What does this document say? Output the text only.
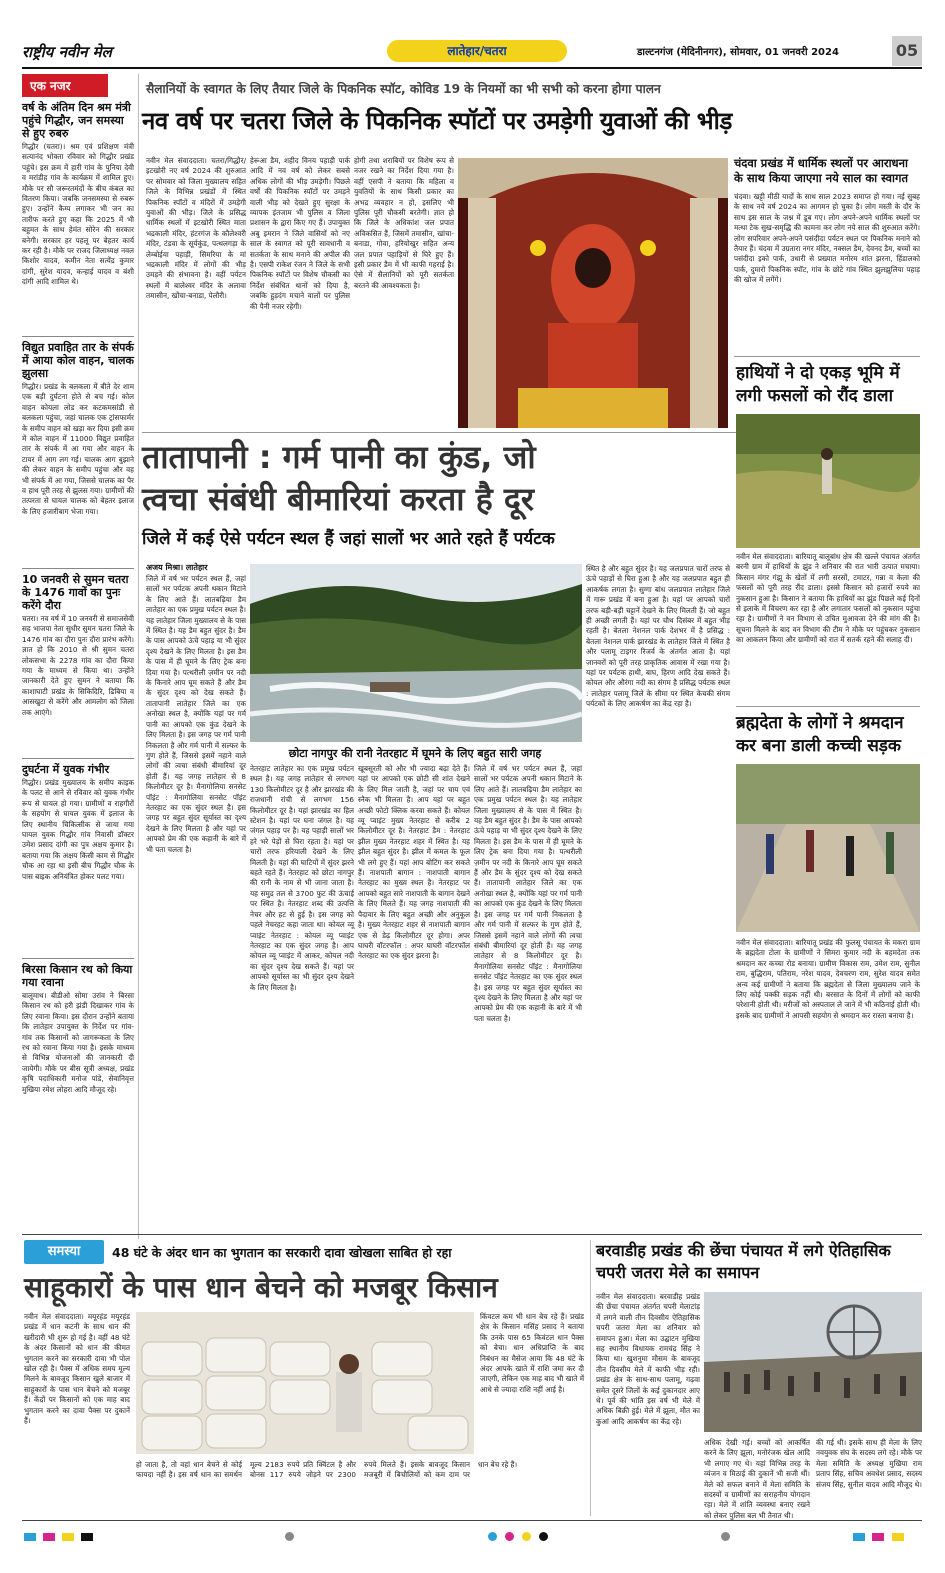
राष्ट्रीय नवीन मेल	लातेहार/चतरा	डाल्टनगंज (मेदिनीनगर), सोमवार, 01 जनवरी 2024	05
एक नजर
वर्ष के अंतिम दिन श्रम मंत्री पहुंचे गिद्धौर, जन समस्या से हुए रुबरु
गिद्धौर (चतरा)। श्रम एवं प्रशिक्षण मंत्री सत्यानंद भोक्ता रविवार को गिद्धौर प्रखंड पहुंचे। इस क्रम में हारी गांव के पुनिया देवी व मरांडीह गांव के कार्यक्रम में शामिल हुए। मौके पर सौ जरूरतमंदों के बीच कंबल का वितरण किया। जबकि जनसमस्या से रुबरू हुए। उन्होंने कैम्प लगाकर भी जन का तारीफ करते हुए कहा कि 2025 में भी बहुमत के साथ हेमंत सोरेन की सरकार बनेगी। सरकार हर पहलू पर बेहतर कार्य कर रही है। मौके पर राजद जिलाध्यक्ष नवल किशोर यादव, कमीन नेता सत्येंद्र कुमार दांगी, सुरेश यादव, कन्हाई यादव व बंशी दांगी आदि शामिल थे।
विद्युत प्रवाहित तार के संपर्क में आया कोल वाहन, चालक झुलसा
गिद्धौर। प्रखंड के बलकला में बीते देर शाम एक बड़ी दुर्घटना होते से बच गई। कोल वाहन कोयला लोड कर कटकमसांडी से बलकला पहुंचा, जहां चालक एक ट्रांसफार्मर के समीप वाहन को खड़ा कर दिया इसी क्रम में कोल वाहन में 11000 विद्युत प्रवाहित तार के संपर्क में आ गया और वाहन के टायर में आग लग गई। चालक आग बुझाने की लेकर वाहन के समीप पहुंचा और वह भी संपर्क में आ गया, जिससे चालक का पैर व हाथ पूरी तरह से झुलस गया। ग्रामीणों की तत्परता से घायल चालक को बेहतर इलाज के लिए हजारीबाग भेजा गया।
10 जनवरी से सुमन चतरा के 1476 गावों का पुनः करेंगे दौरा
चतरा। नव वर्ष में 10 जनवरी से समाजसेवी सह भाजपा नेता सुधीर सुमन चतरा जिले के 1476 गांव का दौरा पुनः दौरा प्रारंभ करेंगे। ज्ञात हो कि 2010 से श्री सुमन चतरा लोकसभा के 2278 गांव का दौरा किया गया के माध्यम से किया था। उन्होंने जानकारी देते हुए सुमन ने बताया कि काशाघाटी प्रखंड के सिकिदिरि, ढिबिया व आसखुटा से करेंगे और आमलोग को जिला तक आएंगे।
दुघर्टना में युवक गंभीर
गिद्धौर। प्रखंड मुख्यालय के समीप काइक के पलट से आने से रविवार को युवक गंभीर रूप से घायल हो गया। ग्रामीणों व राहगीरों के सहयोग से घायल युवक में इलाज के लिए स्थानीय चिकित्सीक से जाया गया घायल युवक गिद्धौर गांव निवासी डॉक्टर उमेश प्रसाद दांगी का पुत्र अक्षय कुमार है। बताया गया कि अक्षय किसी काम से गिद्धौर चौक आ रहा था इसी बीच गिद्धौर चौक के पास बाइक अनियंत्रित होकर पलट गया।
बिरसा किसान रथ को किया गया रवाना
बालूमाथ। बीडीओ सोमा उरांव ने बिरसा किसान रथ को हरी झंडी दिखाकर गांव के लिए रवाना किया। इस दौरान उन्होंने बताया कि लातेहार उपायुक्त के निर्देश पर गांव-गांव तक किसानों को जागरूकता के लिए रथ को रवाना किया गया है। इसके माध्यम से विभिन्न योजनाओं की जानकारी दी जायेगी। मौके पर बीस सूत्री अध्यक्ष, प्रखंड कृषि पदाधिकारी मनोज पांडे, सेवानिवृत्त मुखिया रमेश लोहरा आदि मौजूद रहे।
सैलानियों के स्वागत के लिए तैयार जिले के पिकनिक स्पॉट, कोविड 19 के नियमों का भी सभी को करना होगा पालन
नव वर्ष पर चतरा जिले के पिकनिक स्पॉटों पर उमड़ेगी युवाओं की भीड़
नवीन मेल संवाददाता। चतरा/गिद्धौर/इटखोरी नए वर्ष 2024 की शुरुआत पर सोमवार को जिला मुख्यालय सहित जिले के विभिन्न प्रखंडों में स्थित पिकनिक स्पॉटों व मंदिरों में उमड़ेगी युवाओं की भीड़। जिले के प्रसिद्ध धार्मिक स्थलों में इटखोरी स्थित माता भद्रकाली मंदिर, हंटरगंज के कौलेश्वरी मंदिर, टंडवा के सूर्यकुंड, पत्थलगड़ा के लेम्बोईया पहाड़ी, सिमरिया के मां भद्रकाली मंदिर में लोगों की भीड़ उमड़ने की संभावना है। वहीं पर्यटन स्थलों में बालेश्वर मंदिर के अलावा तमासीन, खोंचा-बनाडा, पेलौरी।
हेरूआ डैम, शहीद विनय पहाड़ी पार्क आदि में नव वर्ष को लेकर सबसे अधिक लोगों की भीड़ उमड़ेगी। पिछले वर्षों की पिकनिक स्पॉटों पर उमड़ने वाली भीड़ को देखते हुए सुरक्षा के व्यापक इंतजाम भी पुलिस व जिला प्रशासन के द्वारा किए गए हैं। उपायुक्त अबु इमरान ने जिले वासियों को नए साल के स्वागत को पूरी सावधानी व सतर्कता के साथ मनाने की अपील की है। एसपी राकेश रंजन ने जिले के सभी पिकनिक स्पॉटों पर विशेष चौकसी का निर्देश संबंधित थानों को दिया है, जबकि हुड़दंग मचाने वालों पर पुलिस की पैनी नजर रहेगी।
होगी तथा शराबियों पर विशेष रूप से नजर रखने का निर्देश दिया गया है। वहीं एसपी ने बताया कि महिला व युवतियों के साथ किसी प्रकार का अभद्र व्यवहार न हो, इसलिए भी पुलिस पूरी चौकसी बरतेगी। ज्ञात हो कि जिले के अधिकांश जल प्रपात अविकसित हैं, जिसमें तमासीन, खांचा-बनाडा, गोवा, हरियोखुर सहित अन्य जल प्रपात पहाड़ियों से घिरे हुए हैं। इसी प्रकार डैम में भी काफी गहराई है। ऐसे में सैलानियों को पूरी सतर्कता बरतने की आवश्यकता है।
चंदवा प्रखंड में धार्मिक स्थलों पर आराधना के साथ किया जाएगा नये साल का स्वागत
चंदवा। खट्टी मीठी यादों के साथ साल 2023 समाप्त हो गया। नई सुबह के साथ नये वर्ष 2024 का आगमन हो चुका है। लोग मस्ती के दौर के साथ इस साल के जश्न में डूब गए। लोग अपने-अपने धार्मिक स्थलों पर मत्था टेक सुख-समृद्धि की कामना कर लोग नये साल की शुरुआत करेंगे। लोग सपरिवार अपने-अपने पसंदीदा पर्यटन स्थल पर पिकनिक मनाने को तैयार हैं। चंदवा में उग्रतारा नगर मंदिर, नक्सल डैम, देवनद डैम, बच्चों का पसंदीदा इको पार्क, उधारी से प्रख्यात मनोरम शांत झरना, हिंडालको पार्क, दुमारो पिकनिक स्पॉट, गांव के छोटे गांव स्थित झुलझुलिया पहाड़ की खोज में लगेंगे।
हाथियों ने दो एकड़ भूमि में लगी फसलों को रौंद डाला
नवीन मेल संवाददाता। बारियातू बालूबांध क्षेत्र की खल्ले पंचायत अंतर्गत बरनी ग्राम में हाथियों के झुंड ने शनिवार की रात भारी उत्पात मचाया। किसान मंगर गंझू के खेतों में लगी सरसों, टमाटर, गन्ना व केला की फसलों को पूरी तरह रौंद डाला। इससे किसान को हजारों रुपये का नुकसान हुआ है। किसान ने बताया कि हाथियों का झुंड पिछले कई दिनों से इलाके में विचरण कर रहा है और लगातार फसलों को नुकसान पहुंचा रहा है। ग्रामीणों ने वन विभाग से उचित मुआवजा देने की मांग की है। सूचना मिलने के बाद वन विभाग की टीम ने मौके पर पहुंचकर नुकसान का आकलन किया और ग्रामीणों को रात में सतर्क रहने की सलाह दी।
तातापानी : गर्म पानी का कुंड, जो
त्वचा संबंधी बीमारियां करता है दूर
जिले में कई ऐसे पर्यटन स्थल हैं जहां सालों भर आते रहते हैं पर्यटक
अजय मिश्रा। लातेहार
जिले में वर्ष भर पर्यटन स्थल हैं, जहां सालों भर पर्यटक अपनी थकान मिटाने के लिए आते हैं। लातबढ़िया डैम लातेहार का एक प्रमुख पर्यटन स्थल है। यह लातेहार जिला मुख्यालय से के पास में स्थित है। यह डैम बहुत सुंदर है। डैम के पास आपको ऊंचे पहाड़ या भी सुंदर दृश्य देखने के लिए मिलता है। इस डैम के पास में ही घूमने के लिए ट्रेक बना दिया गया है। पत्थरीली ज़मीन पर नदी के किनारे आप घूम सकते हैं और डैम के सुंदर दृश्य को देख सकते हैं। तातापानी लातेहार जिले का एक अनोखा स्थल है, क्योंकि यहां पर गर्म पानी का आपको एक कुंड देखने के लिए मिलता है। इस जगह पर गर्म पानी निकलता है और गर्म पानी में सल्फर के गुण होते हैं, जिससे इसमें नहाने वाले लोगों की त्वचा संबंधी बीमारियां दूर होती हैं। यह जगह लातेहार से 8 किलोमीटर दूर है। मैनागोलिया सनसेट पॉइंट : मैनागोलिया सनसेट पॉइंट नेतरहाट का एक सुंदर स्थल है। इस जगह पर बहुत सुंदर सूर्यास्त का दृश्य देखने के लिए मिलता है और यहां पर आपको प्रेम की एक कहानी के बारे में भी पता चलता है।
छोटा नागपुर की रानी नेतरहाट में घूमने के लिए बहुत सारी जगह
नेतरहाट लातेहार का एक प्रमुख पर्यटन स्थल है। यह जगह लातेहार से लगभग 130 किलोमीटर दूर है और झारखंड की राजधानी रांची से लगभग 156 किलोमीटर दूर है। यहां झारखंड का हिल स्टेशन है। यहां पर घना जंगल है। यह जंगल पहाड़ पर है। यह पहाड़ी सालों भर हरे भरे पेड़ों से घिरा रहता है। यहां पर चारों तरफ हरियाली देखने के लिए मिलती है। यहां की घाटियों में सुंदर झरने बहते रहते हैं। नेतरहाट को छोटा नागपुर की रानी के नाम से भी जाना जाता है। यह समुद्र तल से 3700 फुट की ऊंचाई पर स्थित है। नेतरहाट शब्द की उत्पत्ति नेचर और हट से हुई है। इस जगह को पहले नेचरहट कहा जाता था। कोयल व्यू प्वाइंट नेतरहाट : कोयल व्यू प्वाइंट नेतरहाट का एक सुंदर जगह है। आप कोयल व्यू प्वाइंट में आकर, कोयल नदी का सुंदर दृश्य देख सकते हैं। यहां पर आपको सूर्यास्त का भी सुंदर दृश्य देखने के लिए मिलता है।
खूबसूरती को और भी ज्यादा बढ़ा देते हैं। यहां पर आपको एक छोटी सी शांत देखने के लिए मिल जाती है, जहां पर चाय एवं स्नैक भी मिलता है। आप यहां पर बहुत अच्छी फोटो क्लिक करवा सकते हैं। कोयल व्यू प्वाइंट मुख्य नेतरहाट से करीब 2 किलोमीटर दूर है। नेतरहाट डैम : नेतरहाट झील मुख्य नेतरहाट शहर में स्थित है। यह झील बहुत सुंदर है। झील में कमल के फूल भी लगे हुए हैं। यहां आप बोटिंग कर सकते हैं। नाशपाती बागान : नाशपाती बागान नेतरहाट का मुख्य स्थल है। नेतरहाट पर आपको बहुत सारे नाशपाती के बागान देखने के लिए मिलते हैं। यह जगह नाशपाती की पैदावार के लिए बहुत अच्छी और अनुकूल है। मुख्य नेतरहाट शहर से नाशपाती बागान एक से डेढ़ किलोमीटर दूर होगा। अपर घाघरी वॉटरफॉल : अपर घाघरी वॉटरफॉल नेतरहाट का एक सुंदर झरना है।
स्थित है और बहुत सुंदर है। यह जलप्रपात चारों तरफ से ऊंचे पहाड़ों से घिरा हुआ है और यह जलप्रपात बहुत ही आकर्षक लगता है। सुग्गा बांध जलप्रपात लातेहार जिले में गारू प्रखंड में बना हुआ है। यहां पर आपको चारों तरफ बड़ी-बड़ी चट्टानें देखने के लिए मिलती हैं। जो बहुत ही अच्छी लगती हैं। यहां पर चौथ दिसंबर में बहुत भीड़ रहती है। बेतला नेशनल पार्क देशभर में है प्रसिद्ध : बेतला नेशनल पार्क झारखंड के लातेहार जिले में स्थित है और पलामू टाइगर रिजर्व के अंतर्गत आता है। यहां जानवरों को पूरी तरह प्राकृतिक आवास में रखा गया है। यहां पर पर्यटक हाथी, बाघ, हिरण आदि देख सकते हैं। कोयल और औरंगा नदी का संगम है प्रसिद्ध पर्यटक स्थल : लातेहार पलामू जिले के सीमा पर स्थित केचकी संगम पर्यटकों के लिए आकर्षण का केंद्र रहा है।
जिले में वर्ष भर पर्यटन स्थल हैं, जहां सालों भर पर्यटक अपनी थकान मिटाने के लिए आते हैं। लातबढ़िया डैम लातेहार का एक प्रमुख पर्यटन स्थल है। यह लातेहार जिला मुख्यालय से के पास में स्थित है। यह डैम बहुत सुंदर है। डैम के पास आपको ऊंचे पहाड़ या भी सुंदर दृश्य देखने के लिए मिलता है। इस डैम के पास में ही घूमने के लिए ट्रेक बना दिया गया है। पत्थरीली ज़मीन पर नदी के किनारे आप घूम सकते हैं और डैम के सुंदर दृश्य को देख सकते हैं। तातापानी लातेहार जिले का एक अनोखा स्थल है, क्योंकि यहां पर गर्म पानी का आपको एक कुंड देखने के लिए मिलता है। इस जगह पर गर्म पानी निकलता है और गर्म पानी में सल्फर के गुण होते हैं, जिससे इसमें नहाने वाले लोगों की त्वचा संबंधी बीमारियां दूर होती हैं। यह जगह लातेहार से 8 किलोमीटर दूर है। मैनागोलिया सनसेट पॉइंट : मैनागोलिया सनसेट पॉइंट नेतरहाट का एक सुंदर स्थल है। इस जगह पर बहुत सुंदर सूर्यास्त का दृश्य देखने के लिए मिलता है और यहां पर आपको प्रेम की एक कहानी के बारे में भी पता चलता है।
ब्रह्मदेता के लोगों ने श्रमदान कर बना डाली कच्ची सड़क
नवीन मेल संवाददाता। बारियातू प्रखंड की फुलसू पंचायत के मकरा ग्राम के ब्रह्मदेता टोला के ग्रामीणों ने सिमरा कुमार नदी के बहमदेता तक श्रमदान कर कच्चा रोड बनाया। ग्रामीण विकास राम, उमेश राम, सुनील राम, बुद्धिराम, पतिराम, नरेश यादव, देवचरण राम, सुरेश यादव समेत अन्य कई ग्रामीणों ने बताया कि ब्रह्मदेता से जिला मुख्यालय जाने के लिए कोई पक्की सड़क नहीं थी। बरसात के दिनों में लोगों को काफी परेशानी होती थी। मरीजों को अस्पताल ले जाने में भी कठिनाई होती थी। इसके बाद ग्रामीणों ने आपसी सहयोग से श्रमदान कर रास्ता बनाया है।
समस्या	48 घंटे के अंदर धान का भुगतान का सरकारी दावा खोखला साबित हो रहा
साहूकारों के पास धान बेचने को मजबूर किसान
नवीन मेल संवाददाता। मयूरहंड मयूरहंड प्रखंड में धान कटनी के साथ धान की खरीदारी भी शुरू हो गई है। वहीं 48 घंटे के अंदर किसानों को धान की कीमत भुगतान करने का सरकारी दावा भी पोल खोल रही है। पैक्स में अधिक समय मूल्य मिलने के बावजूद किसान खुले बाजार में साहूकारों के पास धान बेचने को मजबूर हैं। केंद्रों पर किसानों को एक माह बाद भुगतान करने का दावा पैक्स पर दुकानें हैं।
किंवटल कम भी धान बेच रहे हैं। प्रखंड क्षेत्र के किसान मसिंह प्रसाद ने बताया कि उनके पास 65 किवंटल धान पैक्स को बेचा। धान अधिप्राप्ति के बाद निबंधन का मैसेज आया कि 48 घंटे के अंदर आपके खाते में राशि जमा कर दी जाएगी, लेकिन एक माह बाद भी खाते में आधे से ज्यादा राशि नहीं आई है।
हो जाता है, तो वहां धान बेचने से कोई फायदा नहीं है। इस वर्ष धान का समर्थन मूल्य 2183 रुपये प्रति क्विंटल है और बोनस 117 रुपये जोड़ने पर 2300 रुपये मिलते हैं। इसके बावजूद किसान मजबूरी में बिचौलियों को कम दाम पर धान बेच रहे हैं।
बरवाडीह प्रखंड की छेंचा पंचायत में लगे ऐतिहासिक चपरी जतरा मेले का समापन
नवीन मेल संवाददाता। बरवाडीह प्रखंड की छेंचा पंचायत अंतर्गत चपरी मेलाटांड़ में लगने वाली तीन दिवसीय ऐतिहासिक चपरी जतरा मेला का शनिवार को समापन हुआ। मेला का उद्घाटन मुखिया सह स्थानीय विधायक रामचंद्र सिंह ने किया था। खुशनुमा मौसम के बावजूद तीन दिवसीय मेले में काफी भीड़ रही। प्रखंड क्षेत्र के साथ-साथ पलामू, गढ़वा समेत दूसरे जिलों के कई दुकानदार आए थे। पूर्व की भांति इस वर्ष भी मेले में अधिक बिक्री हुई। मेले में झूला, मौत का कुआं आदि आकर्षण का केंद्र रहे।
अधिक देखी गई। बच्चों को आकर्षित करने के लिए झूला, मनोरंजक खेल आदि भी लगाए गए थे। यहां विभिन्न तरह के व्यंजन व मिठाई की दुकानें भी सजी थीं। मेले को सफल बनाने में मेला समिति के सदस्यों व ग्रामीणों का सराहनीय योगदान रहा। मेले में शांति व्यवस्था बनाए रखने को लेकर पुलिस बल भी तैनात थी।
की गई थी। इसके साथ ही मेला के लिए नवयुवक संघ के सदस्य लगे रहे। मौके पर मेला समिति के अध्यक्ष मुखिया राम प्रताप सिंह, सचिव अवधेश प्रसाद, सदस्य संजय सिंह, सुनील यादव आदि मौजूद थे।
